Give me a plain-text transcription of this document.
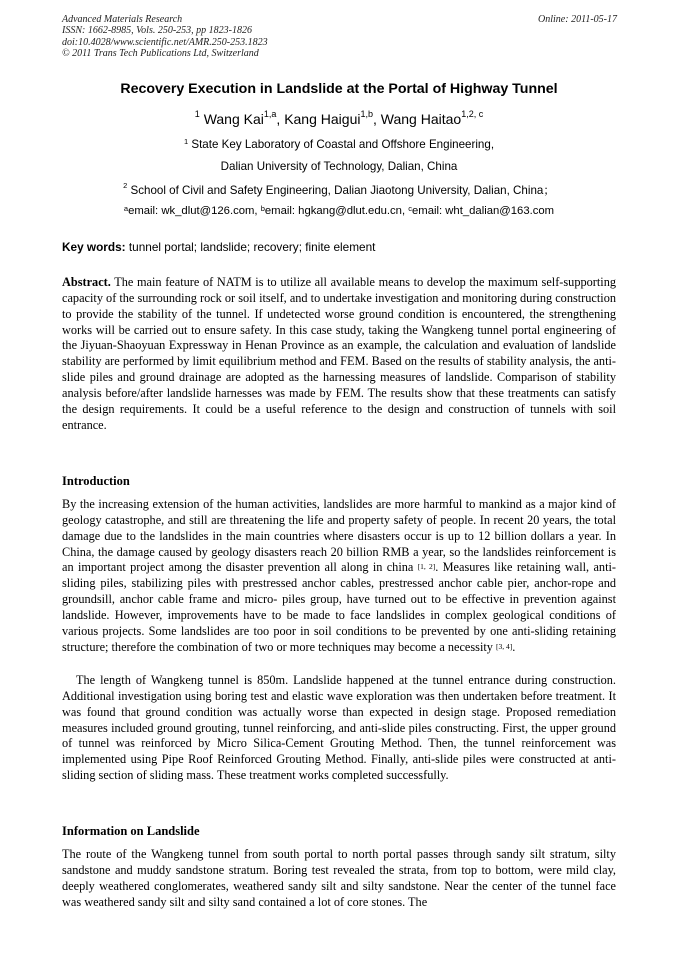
Advanced Materials Research
ISSN: 1662-8985, Vols. 250-253, pp 1823-1826
doi:10.4028/www.scientific.net/AMR.250-253.1823
© 2011 Trans Tech Publications Ltd, Switzerland
Online: 2011-05-17
Recovery Execution in Landslide at the Portal of Highway Tunnel
$^1$ Wang Kai$^{1,a}$, Kang Haigui$^{1,b}$, Wang Haitao$^{1,2, c}$
$^1$ State Key Laboratory of Coastal and Offshore Engineering,
Dalian University of Technology, Dalian, China
$^2$ School of Civil and Safety Engineering, Dalian Jiaotong University, Dalian, China；
$^a$email: wk_dlut@126.com, $^b$email: hgkang@dlut.edu.cn, $^c$email: wht_dalian@163.com
Key words: tunnel portal; landslide; recovery; finite element

Abstract. The main feature of NATM is to utilize all available means to develop the maximum self-supporting capacity of the surrounding rock or soil itself, and to undertake investigation and monitoring during construction to provide the stability of the tunnel. If undetected worse ground condition is encountered, the strengthening works will be carried out to ensure safety. In this case study, taking the Wangkeng tunnel portal engineering of the Jiyuan-Shaoyuan Expressway in Henan Province as an example, the calculation and evaluation of landslide stability are performed by limit equilibrium method and FEM. Based on the results of stability analysis, the anti-slide piles and ground drainage are adopted as the harnessing measures of landslide. Comparison of stability analysis before/after landslide harnesses was made by FEM. The results show that these treatments can satisfy the design requirements. It could be a useful reference to the design and construction of tunnels with soil entrance.

Introduction

By the increasing extension of the human activities, landslides are more harmful to mankind as a major kind of geology catastrophe, and still are threatening the life and property safety of people. In recent 20 years, the total damage due to the landslides in the main countries where disasters occur is up to 12 billion dollars a year. In China, the damage caused by geology disasters reach 20 billion RMB a year, so the landslides reinforcement is an important project among the disaster prevention all along in china [1, 2]. Measures like retaining wall, anti-sliding piles, stabilizing piles with prestressed anchor cables, prestressed anchor cable pier, anchor-rope and groundsill, anchor cable frame and micro- piles group, have turned out to be effective in prevention against landslide. However, improvements have to be made to face landslides in complex geological conditions of various projects. Some landslides are too poor in soil conditions to be prevented by one anti-sliding retaining structure; therefore the combination of two or more techniques may become a necessity [3, 4].

The length of Wangkeng tunnel is 850m. Landslide happened at the tunnel entrance during construction. Additional investigation using boring test and elastic wave exploration was then undertaken before treatment. It was found that ground condition was actually worse than expected in design stage. Proposed remediation measures included ground grouting, tunnel reinforcing, and anti-slide piles constructing. First, the upper ground of tunnel was reinforced by Micro Silica-Cement Grouting Method. Then, the tunnel reinforcement was implemented using Pipe Roof Reinforced Grouting Method. Finally, anti-slide piles were constructed at anti-sliding section of sliding mass. These treatment works completed successfully.

Information on Landslide

The route of the Wangkeng tunnel from south portal to north portal passes through sandy silt stratum, silty sandstone and muddy sandstone stratum. Boring test revealed the strata, from top to bottom, were mild clay, deeply weathered conglomerates, weathered sandy silt and silty sandstone. Near the center of the tunnel face was weathered sandy silt and silty sand contained a lot of core stones. The
